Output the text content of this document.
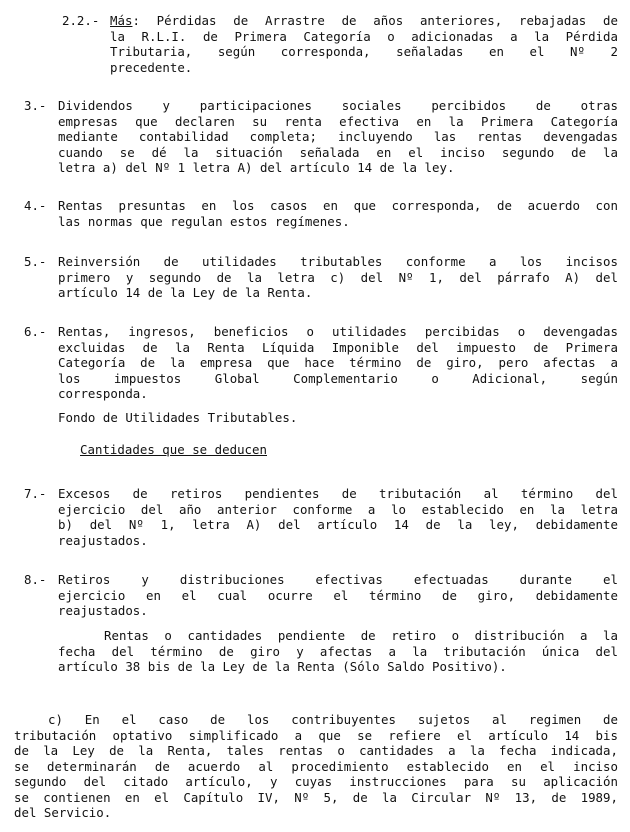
2.2.- Más: Pérdidas de Arrastre de años anteriores, rebajadas de
la R.L.I. de Primera Categoría o adicionadas a la Pérdida
Tributaria, según corresponda, señaladas en el Nº 2
precedente.
3.- Dividendos y participaciones sociales percibidos de otras
empresas que declaren su renta efectiva en la Primera Categoría
mediante contabilidad completa; incluyendo las rentas devengadas
cuando se dé la situación señalada en el inciso segundo de la
letra a) del Nº 1 letra A) del artículo 14 de la ley.
4.- Rentas presuntas en los casos en que corresponda, de acuerdo con
las normas que regulan estos regímenes.
5.- Reinversión de utilidades tributables conforme a los incisos
primero y segundo de la letra c) del Nº 1, del párrafo A) del
artículo 14 de la Ley de la Renta.
6.- Rentas, ingresos, beneficios o utilidades percibidas o devengadas
excluidas de la Renta Líquida Imponible del impuesto de Primera
Categoría de la empresa que hace término de giro, pero afectas a
los impuestos Global Complementario o Adicional, según
corresponda.
Fondo de Utilidades Tributables.
Cantidades que se deducen
7.- Excesos de retiros pendientes de tributación al término del
ejercicio del año anterior conforme a lo establecido en la letra
b) del Nº 1, letra A) del artículo 14 de la ley, debidamente
reajustados.
8.- Retiros y distribuciones efectivas efectuadas durante el
ejercicio en el cual ocurre el término de giro, debidamente
reajustados.
Rentas o cantidades pendiente de retiro o distribución a la
fecha del término de giro y afectas a la tributación única del
artículo 38 bis de la Ley de la Renta (Sólo Saldo Positivo).
c) En el caso de los contribuyentes sujetos al regimen de
tributación optativo simplificado a que se refiere el artículo 14 bis
de la Ley de la Renta, tales rentas o cantidades a la fecha indicada,
se determinarán de acuerdo al procedimiento establecido en el inciso
segundo del citado artículo, y cuyas instrucciones para su aplicación
se contienen en el Capítulo IV, Nº 5, de la Circular Nº 13, de 1989,
del Servicio.
